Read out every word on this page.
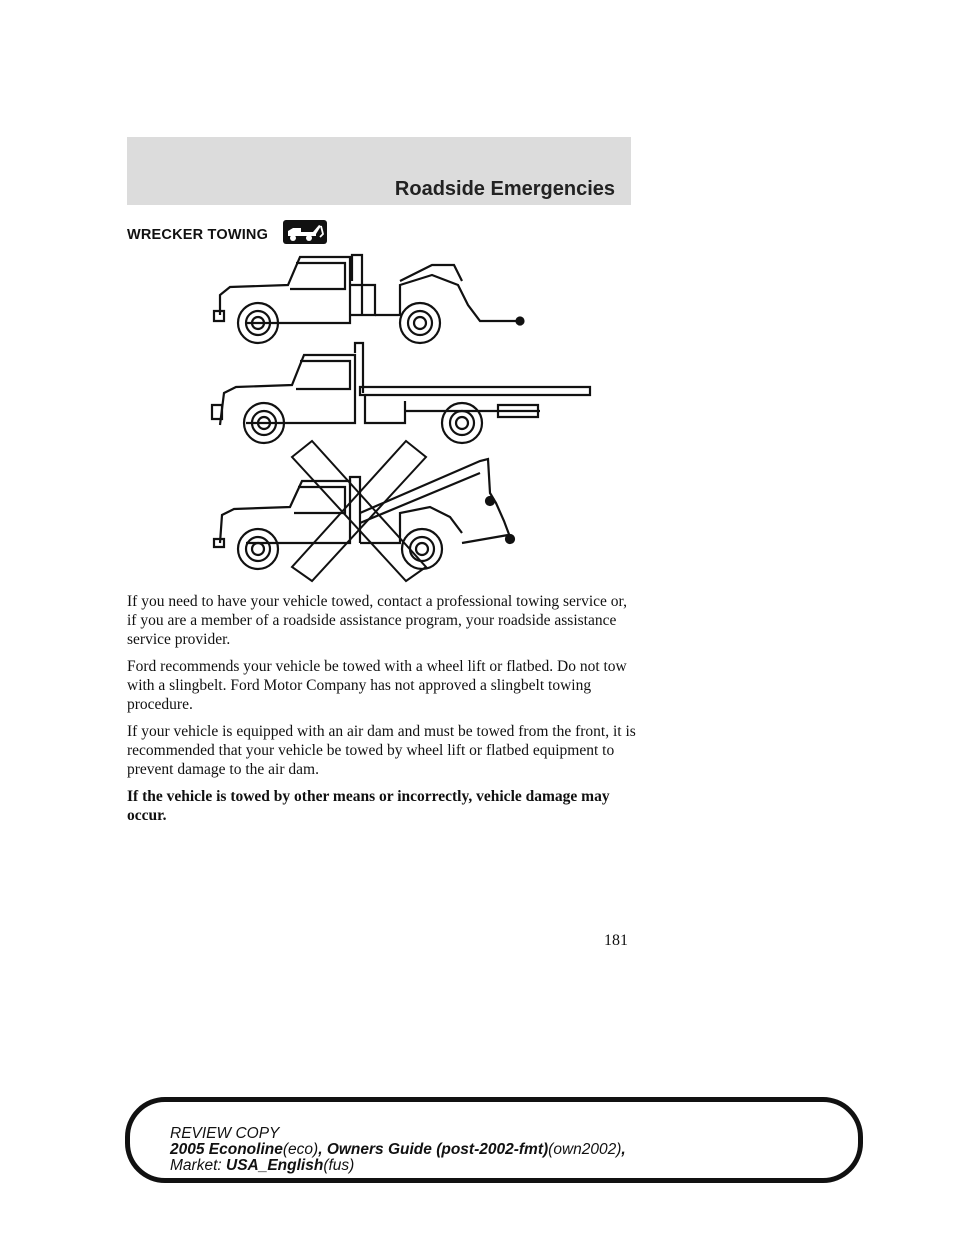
Roadside Emergencies
WRECKER TOWING

If you need to have your vehicle towed, contact a professional towing service or, if you are a member of a roadside assistance program, your roadside assistance service provider.

Ford recommends your vehicle be towed with a wheel lift or flatbed. Do not tow with a slingbelt. Ford Motor Company has not approved a slingbelt towing procedure.

If your vehicle is equipped with an air dam and must be towed from the front, it is recommended that your vehicle be towed by wheel lift or flatbed equipment to prevent damage to the air dam.

If the vehicle is towed by other means or incorrectly, vehicle damage may occur.

181
REVIEW COPY
2005 Econoline(eco), Owners Guide (post-2002-fmt)(own2002),
Market: USA_English(fus)
